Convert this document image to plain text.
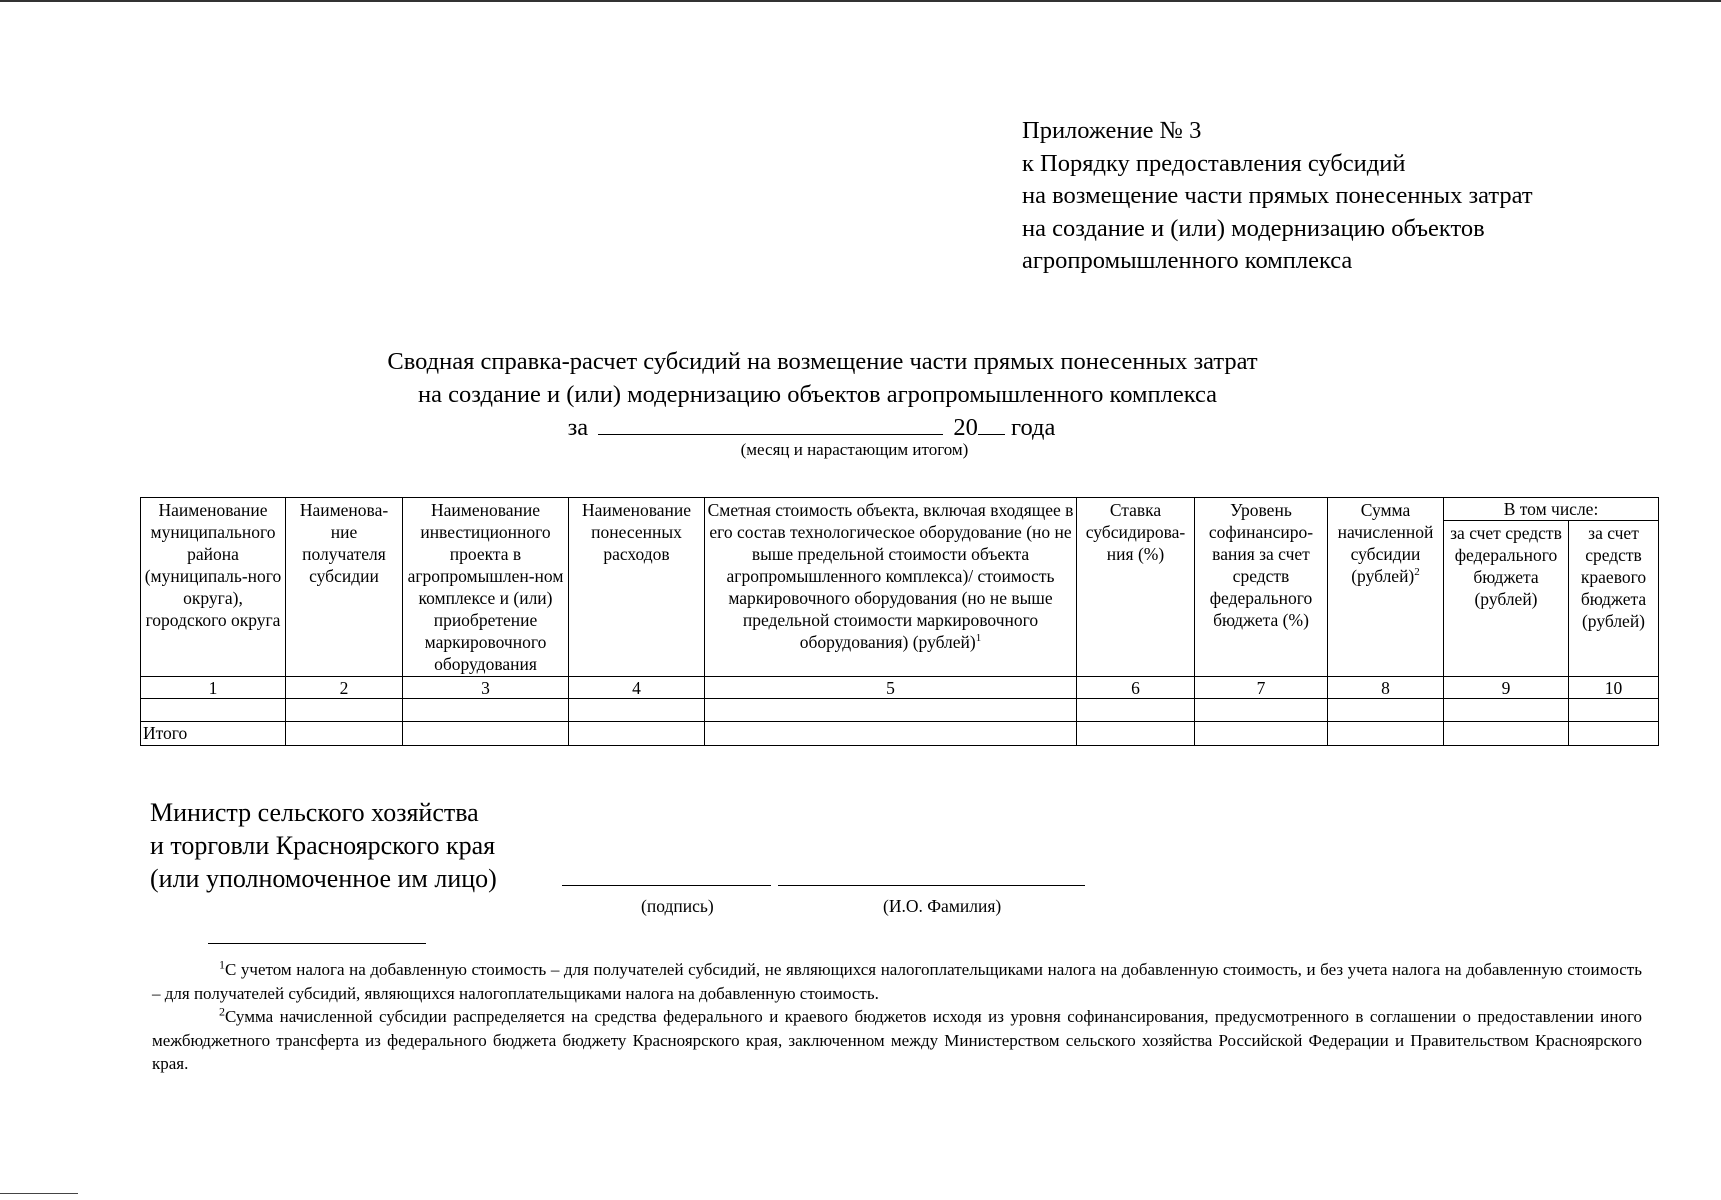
Приложение № 3
к Порядку предоставления субсидий
на возмещение части прямых понесенных затрат
на создание и (или) модернизацию объектов
агропромышленного комплекса
Сводная справка-расчет субсидий на возмещение части прямых понесенных затрат
на создание и (или) модернизацию объектов агропромышленного комплекса
за	20 года
(месяц и нарастающим итогом)
Наименование муниципального района (муниципаль-ного округа), городского округа	Наименова-ние получателя субсидии	Наименование инвестиционного проекта в агропромышлен-ном комплексе и (или) приобретение маркировочного оборудования	Наименование понесенных расходов	Сметная стоимость объекта, включая входящее в его состав технологическое оборудование (но не выше предельной стоимости объекта агропромышленного комплекса)/ стоимость маркировочного оборудования (но не выше предельной стоимости маркировочного оборудования) (рублей)$^1$	Ставка субсидирова-ния (%)	Уровень софинансиро-вания за счет средств федерального бюджета (%)	Сумма начисленной субсидии (рублей)$^2$	В том числе:	
								за счет средств федерального бюджета (рублей)	за счет средств краевого бюджета (рублей)
1	2	3	4	5	6	7	8	9	10

Итого									
Министр сельского хозяйства
и торговли Красноярского края
(или уполномоченное им лицо)
(подпись)	(И.О. Фамилия)

$^1$С учетом налога на добавленную стоимость – для получателей субсидий, не являющихся налогоплательщиками налога на добавленную стоимость, и без учета налога на добавленную стоимость – для получателей субсидий, являющихся налогоплательщиками налога на добавленную стоимость.

$^2$Сумма начисленной субсидии распределяется на средства федерального и краевого бюджетов исходя из уровня софинансирования, предусмотренного в соглашении о предоставлении иного межбюджетного трансферта из федерального бюджета бюджету Красноярского края, заключенном между Министерством сельского хозяйства Российской Федерации и Правительством Красноярского края.
